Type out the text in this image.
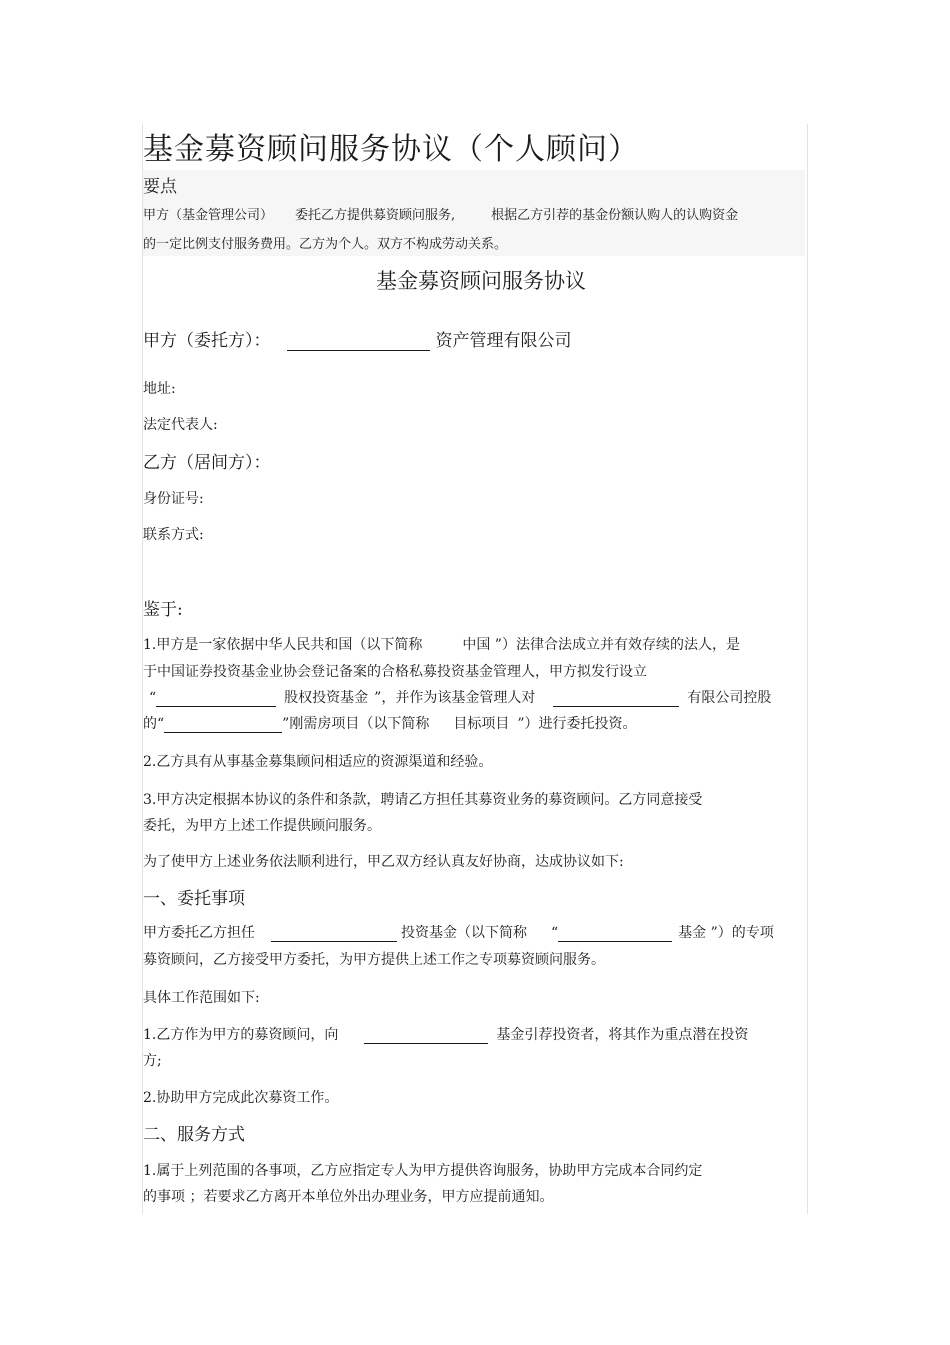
基金募资顾问服务协议（个人顾问）
要点
甲方（基金管理公司） 委托乙方提供募资顾问服务,	根据乙方引荐的基金份额认购人的认购资金
的一定比例支付服务费用。乙方为个人。双方不构成劳动关系。
基金募资顾问服务协议
甲方（委托方）：	资产管理有限公司
地址:
法定代表人:
乙方（居间方）：
身份证号:
联系方式:
鉴于:
1.甲方是一家依据中华人民共和国（以下简称	中国 ”）法律合法成立并有效存续的法人，是
于中国证券投资基金业协会登记备案的合格私募投资基金管理人，甲方拟发行设立
“	股权投资基金 ”，并作为该基金管理人对	有限公司控股
的“	”刚需房项目（以下简称 目标项目 ”）进行委托投资。
2.乙方具有从事基金募集顾问相适应的资源渠道和经验。
3.甲方决定根据本协议的条件和条款，聘请乙方担任其募资业务的募资顾问。乙方同意接受
委托，为甲方上述工作提供顾问服务。
为了使甲方上述业务依法顺利进行，甲乙双方经认真友好协商，达成协议如下:
一、委托事项
甲方委托乙方担任	投资基金（以下简称 “	基金 ”）的专项
募资顾问，乙方接受甲方委托，为甲方提供上述工作之专项募资顾问服务。
具体工作范围如下:
1.乙方作为甲方的募资顾问，向	基金引荐投资者，将其作为重点潜在投资
方;
2.协助甲方完成此次募资工作。
二、服务方式
1.属于上列范围的各事项，乙方应指定专人为甲方提供咨询服务，协助甲方完成本合同约定
的事项 ；若要求乙方离开本单位外出办理业务，甲方应提前通知。
